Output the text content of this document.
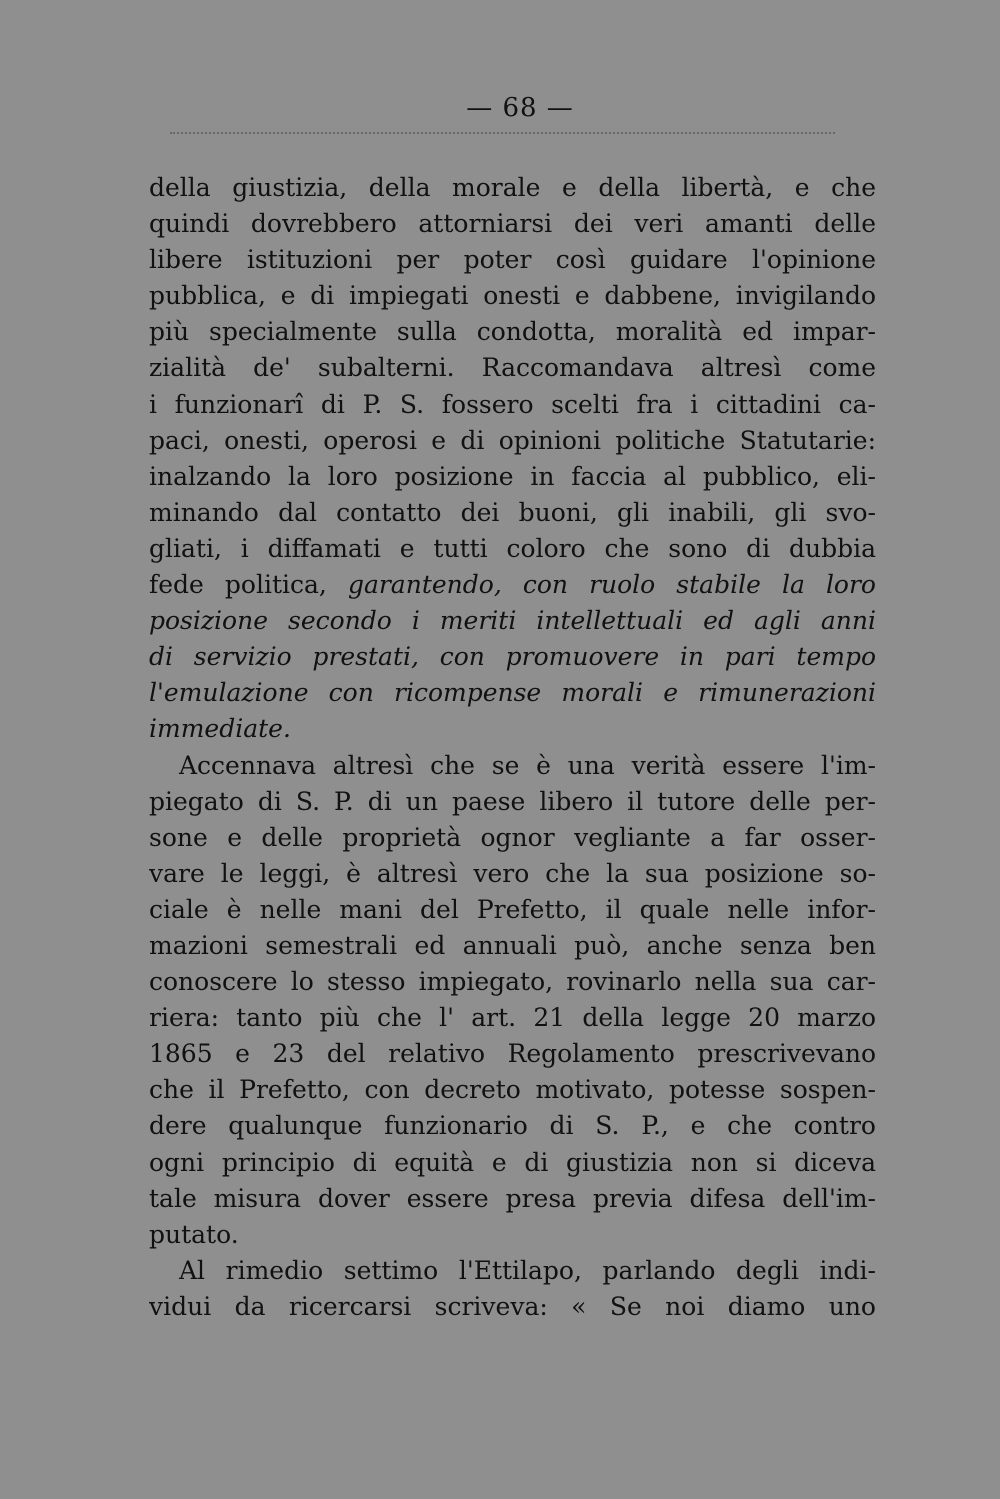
— 68 —
della giustizia, della morale e della libertà, e che
quindi dovrebbero attorniarsi dei veri amanti delle
libere istituzioni per poter così guidare l'opinione
pubblica, e di impiegati onesti e dabbene, invigilando
più specialmente sulla condotta, moralità ed impar-
zialità de' subalterni. Raccomandava altresì come
i funzionarî di P. S. fossero scelti fra i cittadini ca-
paci, onesti, operosi e di opinioni politiche Statutarie:
inalzando la loro posizione in faccia al pubblico, eli-
minando dal contatto dei buoni, gli inabili, gli svo-
gliati, i diffamati e tutti coloro che sono di dubbia
fede politica, garantendo, con ruolo stabile la loro
posizione secondo i meriti intellettuali ed agli anni
di servizio prestati, con promuovere in pari tempo
l'emulazione con ricompense morali e rimunerazioni
immediate.
Accennava altresì che se è una verità essere l'im-
piegato di S. P. di un paese libero il tutore delle per-
sone e delle proprietà ognor vegliante a far osser-
vare le leggi, è altresì vero che la sua posizione so-
ciale è nelle mani del Prefetto, il quale nelle infor-
mazioni semestrali ed annuali può, anche senza ben
conoscere lo stesso impiegato, rovinarlo nella sua car-
riera: tanto più che l' art. 21 della legge 20 marzo
1865 e 23 del relativo Regolamento prescrivevano
che il Prefetto, con decreto motivato, potesse sospen-
dere qualunque funzionario di S. P., e che contro
ogni principio di equità e di giustizia non si diceva
tale misura dover essere presa previa difesa dell'im-
putato.
Al rimedio settimo l'Ettilapo, parlando degli indi-
vidui da ricercarsi scriveva: « Se noi diamo uno
